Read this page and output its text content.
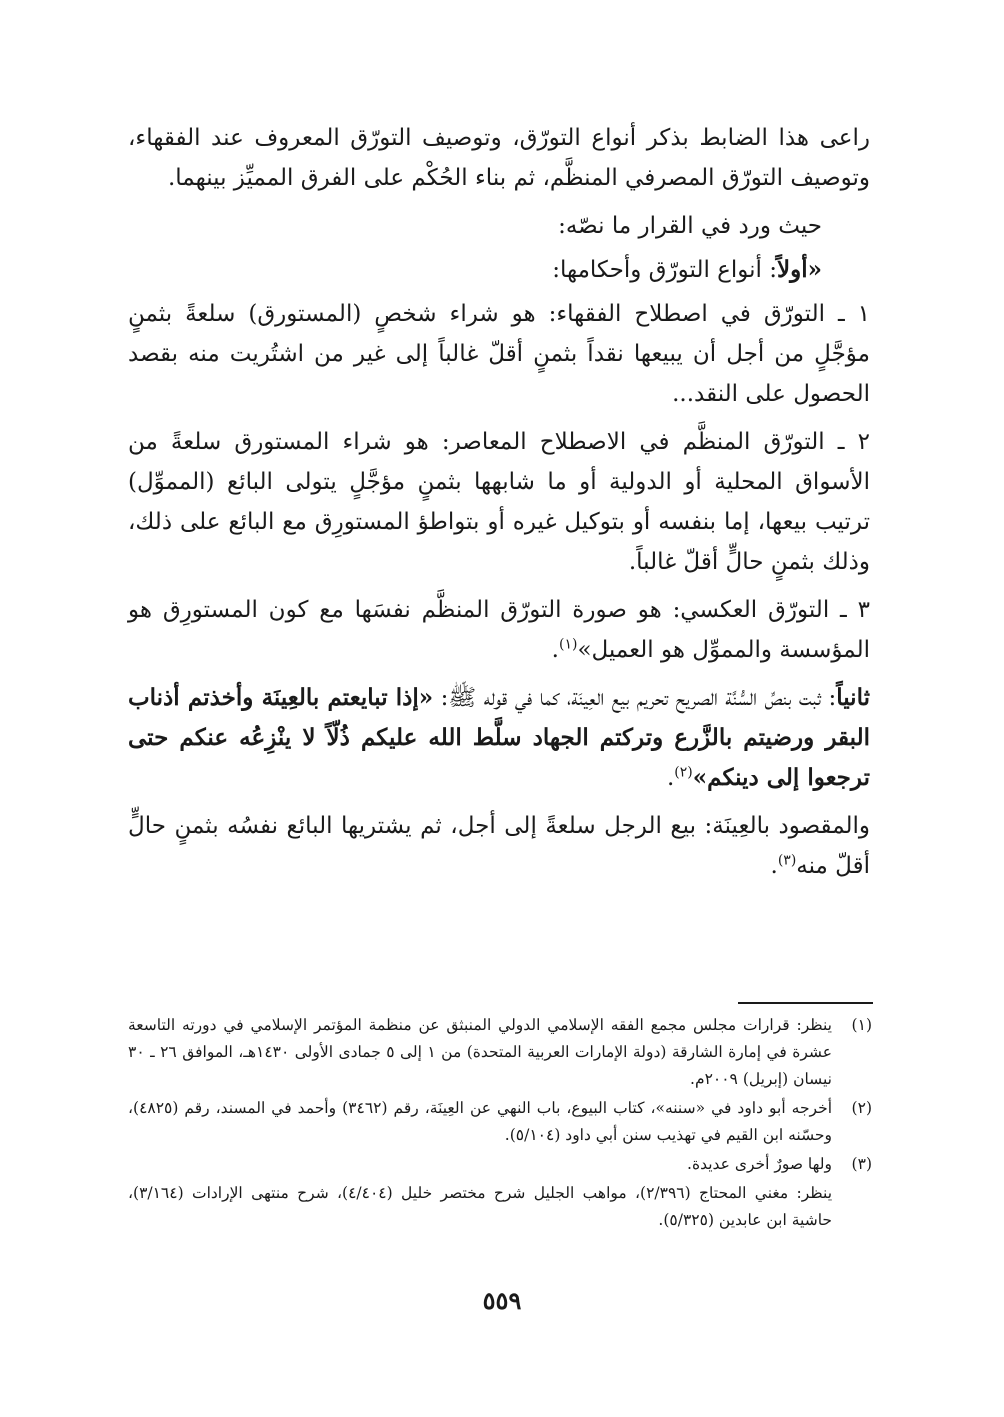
راعى هذا الضابط بذكر أنواع التورّق، وتوصيف التورّق المعروف عند الفقهاء، وتوصيف التورّق المصرفي المنظَّم، ثم بناء الحُكْم على الفرق المميِّز بينهما.

حيث ورد في القرار ما نصّه:

«أولاً: أنواع التورّق وأحكامها:

١ ـ التورّق في اصطلاح الفقهاء: هو شراء شخصٍ (المستورق) سلعةً بثمنٍ مؤجَّلٍ من أجل أن يبيعها نقداً بثمنٍ أقلّ غالباً إلى غير من اشتُريت منه بقصد الحصول على النقد...

٢ ـ التورّق المنظَّم في الاصطلاح المعاصر: هو شراء المستورق سلعةً من الأسواق المحلية أو الدولية أو ما شابهها بثمنٍ مؤجَّلٍ يتولى البائع (المموِّل) ترتيب بيعها، إما بنفسه أو بتوكيل غيره أو بتواطؤ المستورِق مع البائع على ذلك، وذلك بثمنٍ حالٍّ أقلّ غالباً.

٣ ـ التورّق العكسي: هو صورة التورّق المنظَّم نفسَها مع كون المستورِق هو المؤسسة والمموِّل هو العميل»$^{(١)}$.

ثانياً: ثبت بنصِّ السُّنَّة الصريح تحريم بيع العِينَة، كما في قوله ﷺ: «إذا تبايعتم بالعِينَة وأخذتم أذناب البقر ورضيتم بالزَّرع وتركتم الجهاد سلَّط الله عليكم ذُلّاً لا ينْزِعُه عنكم حتى ترجعوا إلى دينكم»$^{(٢)}$.

والمقصود بالعِينَة: بيع الرجل سلعةً إلى أجل، ثم يشتريها البائع نفسُه بثمنٍ حالٍّ أقلّ منه$^{(٣)}$.

(١)
ينظر: قرارات مجلس مجمع الفقه الإسلامي الدولي المنبثق عن منظمة المؤتمر الإسلامي في دورته التاسعة عشرة في إمارة الشارقة (دولة الإمارات العربية المتحدة) من ١ إلى ٥ جمادى الأولى ١٤٣٠هـ، الموافق ٢٦ ـ ٣٠ نيسان (إبريل) ٢٠٠٩م.
(٢)
أخرجه أبو داود في «سننه»، كتاب البيوع، باب النهي عن العِينَة، رقم (٣٤٦٢) وأحمد في المسند، رقم (٤٨٢٥)، وحسّنه ابن القيم في تهذيب سنن أبي داود (٥/١٠٤).
(٣)
ولها صورٌ أخرى عديدة.
ينظر: مغني المحتاج (٢/٣٩٦)، مواهب الجليل شرح مختصر خليل (٤/٤٠٤)، شرح منتهى الإرادات (٣/١٦٤)، حاشية ابن عابدين (٥/٣٢٥).
٥٥٩
